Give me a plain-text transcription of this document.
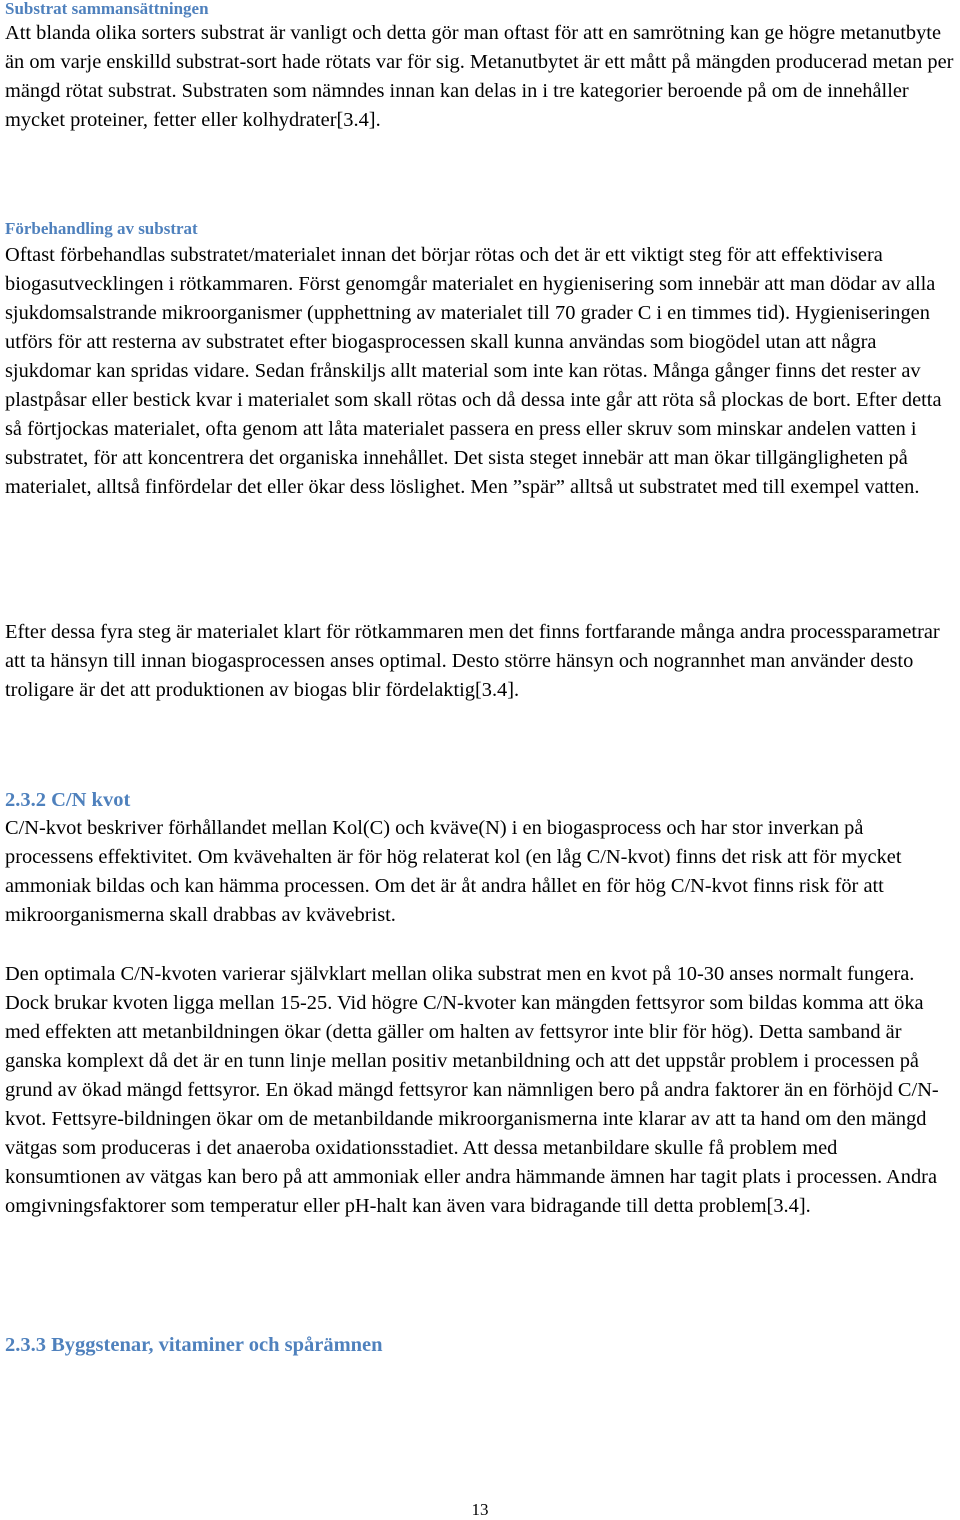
Substrat sammansättningen

Att blanda olika sorters substrat är vanligt och detta gör man oftast för att en samrötning kan ge högre metanutbyte än om varje enskilld substrat-sort hade rötats var för sig. Metanutbytet är ett mått på mängden producerad metan per mängd rötat substrat. Substraten som nämndes innan kan delas in i tre kategorier beroende på om de innehåller mycket proteiner, fetter eller kolhydrater[3.4].

Förbehandling av substrat

Oftast förbehandlas substratet/materialet innan det börjar rötas och det är ett viktigt steg för att effektivisera biogasutvecklingen i rötkammaren. Först genomgår materialet en hygienisering som innebär att man dödar av alla sjukdomsalstrande mikroorganismer (upphettning av materialet till 70 grader C i en timmes tid). Hygieniseringen utförs för att resterna av substratet efter biogasprocessen skall kunna användas som biogödel utan att några sjukdomar kan spridas vidare. Sedan frånskiljs allt material som inte kan rötas. Många gånger finns det rester av plastpåsar eller bestick kvar i materialet som skall rötas och då dessa inte går att röta så plockas de bort. Efter detta så förtjockas materialet, ofta genom att låta materialet passera en press eller skruv som minskar andelen vatten i substratet, för att koncentrera det organiska innehållet. Det sista steget innebär att man ökar tillgängligheten på materialet, alltså finfördelar det eller ökar dess löslighet. Men ”spär” alltså ut substratet med till exempel vatten.

Efter dessa fyra steg är materialet klart för rötkammaren men det finns fortfarande många andra processparametrar att ta hänsyn till innan biogasprocessen anses optimal. Desto större hänsyn och nogrannhet man använder desto troligare är det att produktionen av biogas blir fördelaktig[3.4].

2.3.2 C/N kvot

C/N-kvot beskriver förhållandet mellan Kol(C) och kväve(N) i en biogasprocess och har stor inverkan på processens effektivitet. Om kvävehalten är för hög relaterat kol (en låg C/N-kvot) finns det risk att för mycket ammoniak bildas och kan hämma processen. Om det är åt andra hållet en för hög C/N-kvot finns risk för att mikroorganismerna skall drabbas av kvävebrist.

Den optimala C/N-kvoten varierar självklart mellan olika substrat men en kvot på 10-30 anses normalt fungera. Dock brukar kvoten ligga mellan 15-25. Vid högre C/N-kvoter kan mängden fettsyror som bildas komma att öka med effekten att metanbildningen ökar (detta gäller om halten av fettsyror inte blir för hög). Detta samband är ganska komplext då det är en tunn linje mellan positiv metanbildning och att det uppstår problem i processen på grund av ökad mängd fettsyror. En ökad mängd fettsyror kan nämnligen bero på andra faktorer än en förhöjd C/N-kvot. Fettsyre-bildningen ökar om de metanbildande mikroorganismerna inte klarar av att ta hand om den mängd vätgas som produceras i det anaeroba oxidationsstadiet. Att dessa metanbildare skulle få problem med konsumtionen av vätgas kan bero på att ammoniak eller andra hämmande ämnen har tagit plats i processen. Andra omgivningsfaktorer som temperatur eller pH-halt kan även vara bidragande till detta problem[3.4].

2.3.3 Byggstenar, vitaminer och spårämnen

13
